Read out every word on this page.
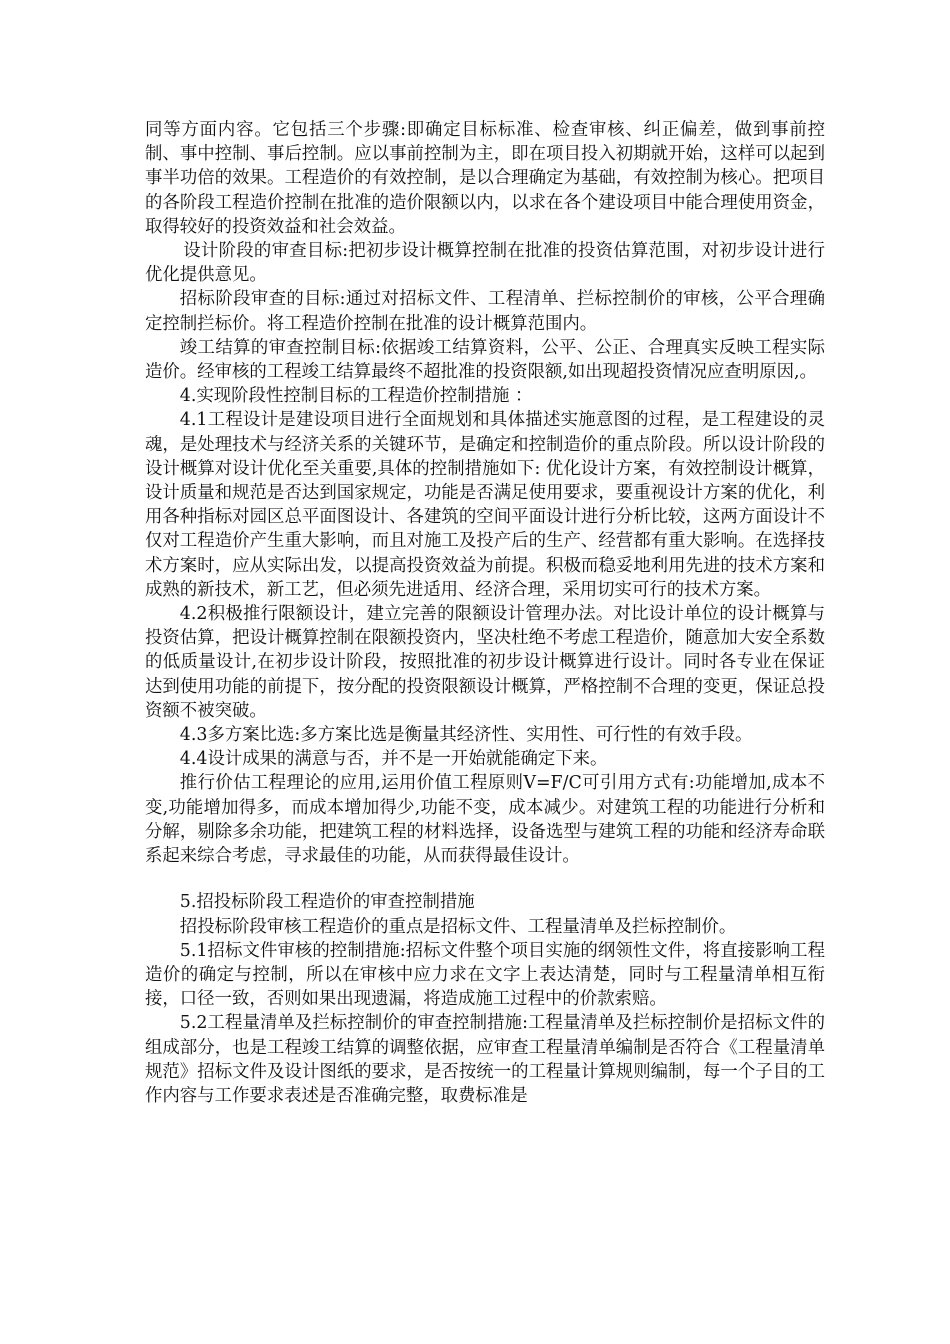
同等方面内容。它包括三个步骤:即确定目标标准、检查审核、纠正偏差，做到事前控制、事中控制、事后控制。应以事前控制为主，即在项目投入初期就开始，这样可以起到事半功倍的效果。工程造价的有效控制，是以合理确定为基础，有效控制为核心。把项目的各阶段工程造价控制在批准的造价限额以内，以求在各个建设项目中能合理使用资金，取得较好的投资效益和社会效益。

设计阶段的审查目标:把初步设计概算控制在批准的投资估算范围，对初步设计进行优化提供意见。

招标阶段审查的目标:通过对招标文件、工程清单、拦标控制价的审核，公平合理确定控制拦标价。将工程造价控制在批准的设计概算范围内。

竣工结算的审查控制目标:依据竣工结算资料，公平、公正、合理真实反映工程实际造价。经审核的工程竣工结算最终不超批准的投资限额,如出现超投资情况应查明原因,。

4.实现阶段性控制目标的工程造价控制措施 ：

4.1工程设计是建设项目进行全面规划和具体描述实施意图的过程，是工程建设的灵魂，是处理技术与经济关系的关键环节，是确定和控制造价的重点阶段。所以设计阶段的设计概算对设计优化至关重要,具体的控制措施如下: 优化设计方案，有效控制设计概算，设计质量和规范是否达到国家规定，功能是否满足使用要求，要重视设计方案的优化，利用各种指标对园区总平面图设计、各建筑的空间平面设计进行分析比较，这两方面设计不仅对工程造价产生重大影响，而且对施工及投产后的生产、经营都有重大影响。在选择技术方案时，应从实际出发，以提高投资效益为前提。积极而稳妥地利用先进的技术方案和成熟的新技术，新工艺，但必须先进适用、经济合理，采用切实可行的技术方案。

4.2积极推行限额设计，建立完善的限额设计管理办法。对比设计单位的设计概算与投资估算，把设计概算控制在限额投资内，坚决杜绝不考虑工程造价，随意加大安全系数的低质量设计,在初步设计阶段，按照批准的初步设计概算进行设计。同时各专业在保证达到使用功能的前提下，按分配的投资限额设计概算，严格控制不合理的变更，保证总投资额不被突破。

4.3多方案比选:多方案比选是衡量其经济性、实用性、可行性的有效手段。

4.4设计成果的满意与否，并不是一开始就能确定下来。

推行价估工程理论的应用,运用价值工程原则V=F/C可引用方式有:功能增加,成本不变,功能增加得多，而成本增加得少,功能不变，成本减少。对建筑工程的功能进行分析和分解，剔除多余功能，把建筑工程的材料选择，设备选型与建筑工程的功能和经济寿命联系起来综合考虑，寻求最佳的功能，从而获得最佳设计。

5.招投标阶段工程造价的审查控制措施

招投标阶段审核工程造价的重点是招标文件、工程量清单及拦标控制价。

5.1招标文件审核的控制措施:招标文件整个项目实施的纲领性文件，将直接影响工程造价的确定与控制，所以在审核中应力求在文字上表达清楚，同时与工程量清单相互衔接，口径一致，否则如果出现遗漏，将造成施工过程中的价款索赔。

5.2工程量清单及拦标控制价的审查控制措施:工程量清单及拦标控制价是招标文件的组成部分，也是工程竣工结算的调整依据，应审查工程量清单编制是否符合《工程量清单规范》招标文件及设计图纸的要求，是否按统一的工程量计算规则编制，每一个子目的工作内容与工作要求表述是否准确完整，取费标准是
